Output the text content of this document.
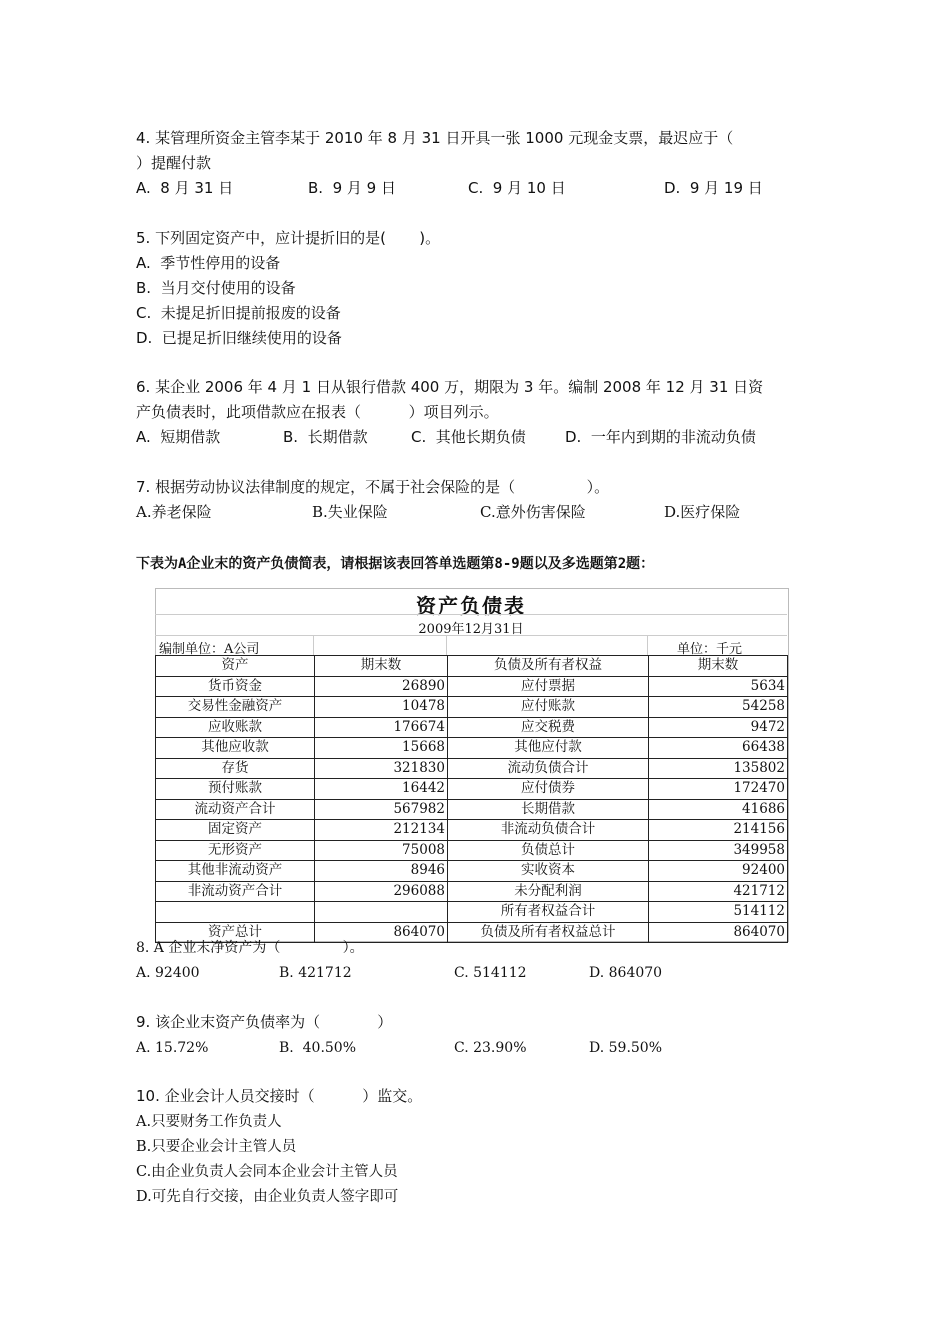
4. 某管理所资金主管李某于 2010 年 8 月 31 日开具一张 1000 元现金支票，最迟应于（
）提醒付款
A.  8 月 31 日	B.  9 月 9 日	C.  9 月 10 日	D.  9 月 19 日
5. 下列固定资产中，应计提折旧的是(       )。
A.  季节性停用的设备
B.  当月交付使用的设备
C.  未提足折旧提前报废的设备
D.  已提足折旧继续使用的设备
6. 某企业 2006 年 4 月 1 日从银行借款 400 万，期限为 3 年。编制 2008 年 12 月 31 日资
产负债表时，此项借款应在报表（          ）项目列示。
A.  短期借款	B.  长期借款	C.  其他长期负债	D.  一年内到期的非流动负债
7. 根据劳动协议法律制度的规定，不属于社会保险的是（               ）。
A.养老保险	B.失业保险	C.意外伤害保险	D.医疗保险
下表为A企业末的资产负债简表，请根据该表回答单选题第8-9题以及多选题第2题：
资产负债表
2009年12月31日
编制单位：A公司	单位：千元
资产	期末数	负债及所有者权益	期末数
货币资金	26890	应付票据	5634
交易性金融资产	10478	应付账款	54258
应收账款	176674	应交税费	9472
其他应收款	15668	其他应付款	66438
存货	321830	流动负债合计	135802
预付账款	16442	应付债券	172470
流动资产合计	567982	长期借款	41686
固定资产	212134	非流动负债合计	214156
无形资产	75008	负债总计	349958
其他非流动资产	8946	实收资本	92400
非流动资产合计	296088	未分配利润	421712
		所有者权益合计	514112
资产总计	864070	负债及所有者权益总计	864070
8. A 企业末净资产为（              ）。
A. 92400	B. 421712	C. 514112	D. 864070
9. 该企业末资产负债率为（            ）
A. 15.72%	B.  40.50%	C. 23.90%	D. 59.50%
10. 企业会计人员交接时（          ）监交。
A.只要财务工作负责人
B.只要企业会计主管人员
C.由企业负责人会同本企业会计主管人员
D.可先自行交接，由企业负责人签字即可
